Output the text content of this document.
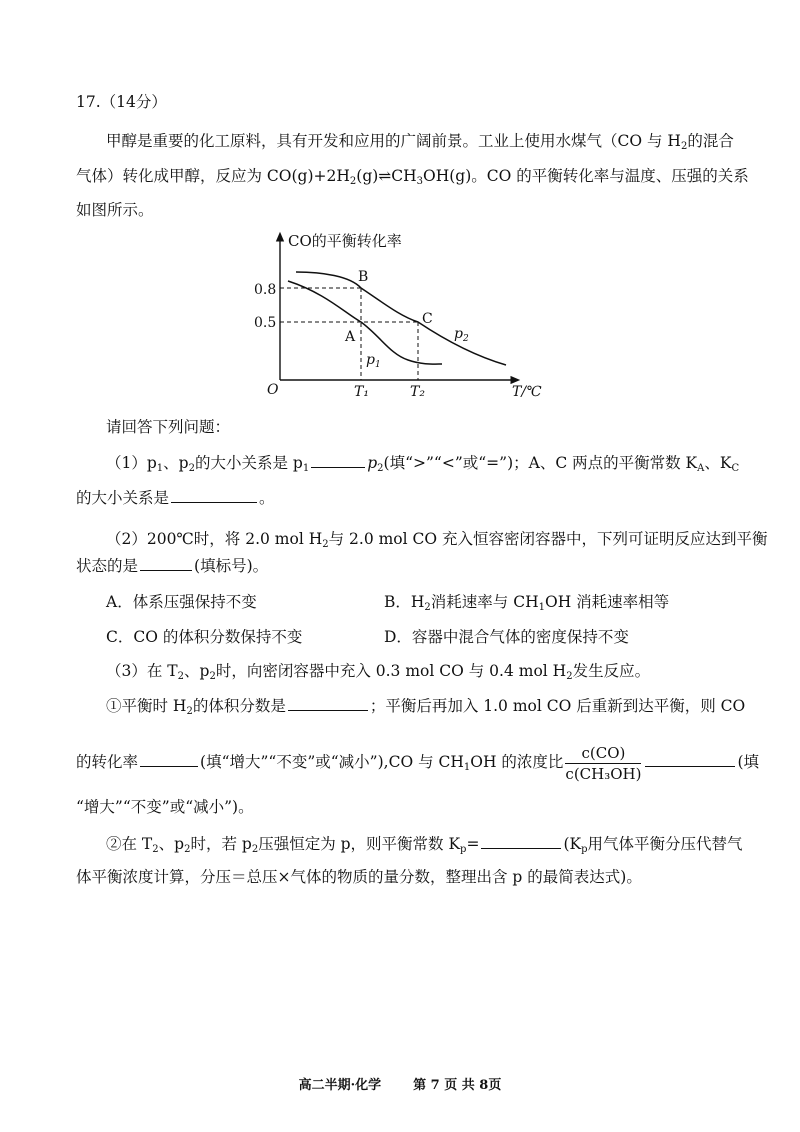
17.（14分）
甲醇是重要的化工原料，具有开发和应用的广阔前景。工业上使用水煤气（CO 与 $H_2$的混合
气体）转化成甲醇，反应为 $CO(g)+2H_2(g)\rightleftharpoons CH_3OH(g)$。CO 的平衡转化率与温度、压强的关系
如图所示。
CO的平衡转化率
O	T/℃
0.8
0.5
T₁	T₂
A
B
C
$p_1$
$p_2$
请回答下列问题：
$(1)p_1$、$p_2$的大小关系是 $p_1$	$p_2$(填“>”“<”或“=”)；A、C 两点的平衡常数 $K_A$、$K_C$
的大小关系是	。
（2）200℃时，将 2.0 mol $H_2$与 2.0 mol CO 充入恒容密闭容器中，下列可证明反应达到平衡
状态的是	(填标号)。
A．体系压强保持不变	B．$H_2$消耗速率与 $CH_1OH$ 消耗速率相等
C．CO 的体积分数保持不变	D．容器中混合气体的密度保持不变
（3）在 $T_2$、$p_2$时，向密闭容器中充入 0.3 mol CO 与 0.4 mol $H_2$发生反应。
①平衡时 $H_2$的体积分数是	；平衡后再加入 1.0 mol CO 后重新到达平衡，则 CO
的转化率	(填“增大”“不变”或“减小”),CO 与 $CH_1OH$ 的浓度比 $\frac{c(CO)}{\text{c(CH₃OH)}}$	(填
“增大”“不变”或“减小”)。
②在 $T_2$、$p_2$时，若 $p_2$压强恒定为 p，则平衡常数 $K_p=$	($K_p$用气体平衡分压代替气
体平衡浓度计算，分压＝总压×气体的物质的量分数，整理出含 p 的最简表达式)。
高二半期·化学 第 7 页 共 8页
